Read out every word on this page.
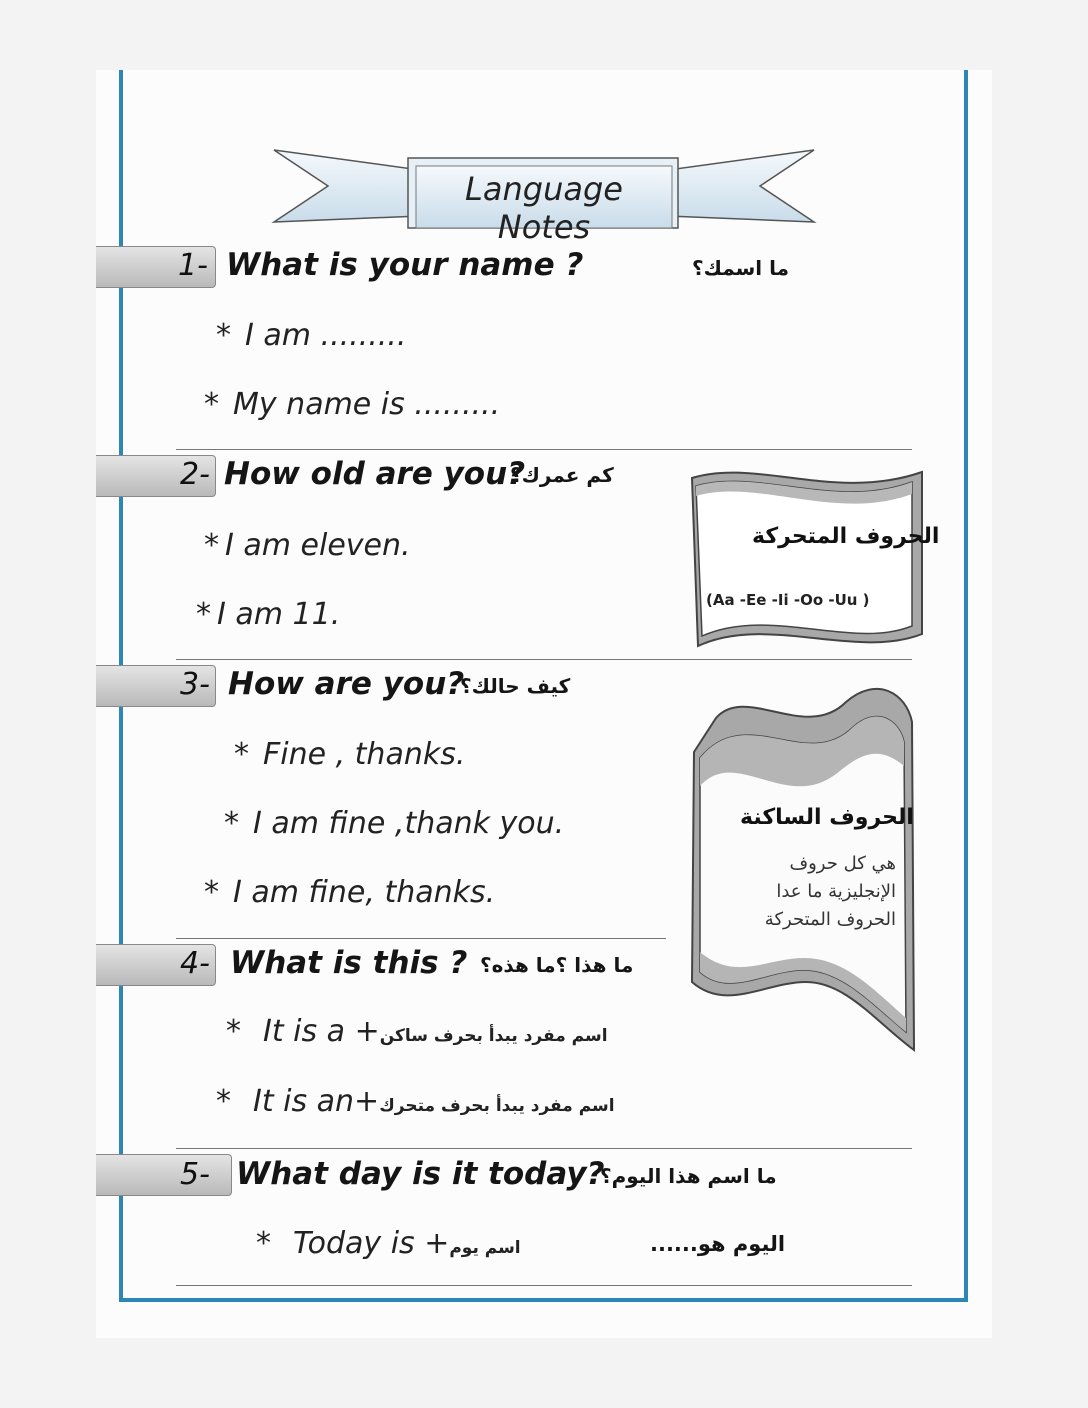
Language Notes
1- What is your name ?	ما اسمك؟
* I am .........
* My name is .........
2- How old are you?
كم عمرك؟
* I am eleven.
* I am 11.
الحروف المتحركة
(Aa -Ee -Ii -Oo -Uu )
3- How are you?
كيف حالك؟
* Fine , thanks.
* I am fine ,thank you.
* I am fine, thanks.
الحروف الساكنة
هي كل حروف
الإنجليزية ما عدا
الحروف المتحركة
4- What is this ? ما هذا ؟ما هذه؟
* It is a +اسم مفرد يبدأ بحرف ساكن
* It is an+اسم مفرد يبدأ بحرف متحرك
5- What day is it today?
ما اسم هذا اليوم؟
* Today is +اسم يوم	اليوم هو......
